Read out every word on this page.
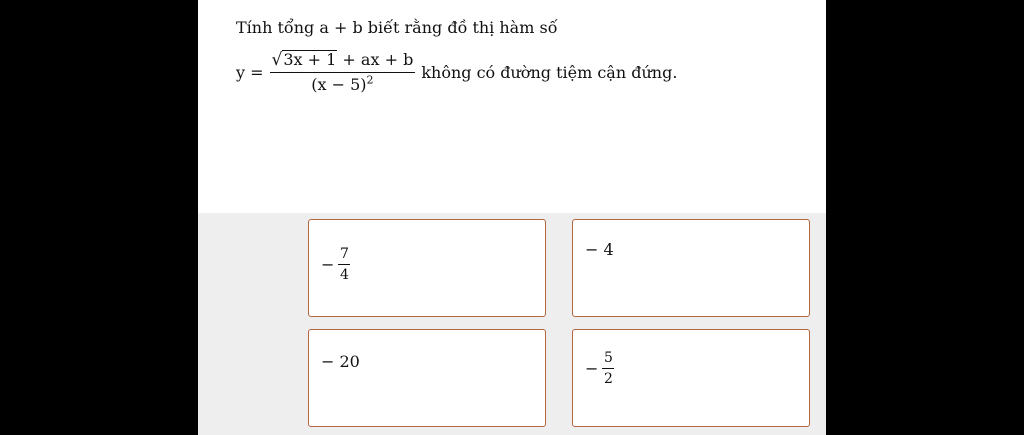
Tính tổng a + b biết rằng đồ thị hàm số
$y = \frac{√ 3x + 1 + ax + b}{(x - 5)^2}$ không có đường tiệm cận đứng.
−
7
4
− 4
− 20	−
5
2
